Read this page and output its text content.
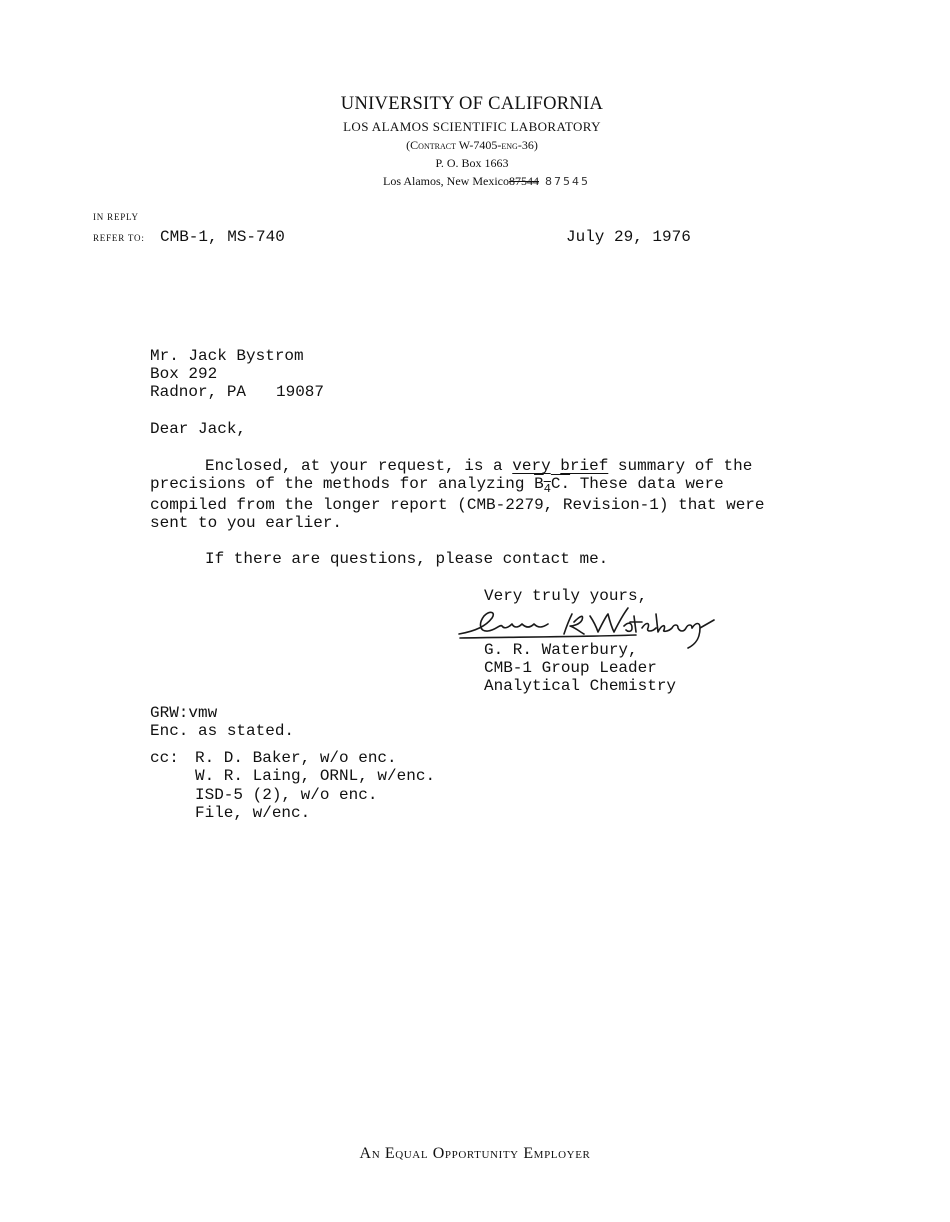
UNIVERSITY OF CALIFORNIA
LOS ALAMOS SCIENTIFIC LABORATORY
(Contract W-7405-eng-36)
P. O. Box 1663
Los Alamos, New Mexico87544 87545
IN REPLY
REFER TO: CMB-1, MS-740	July 29, 1976
Mr. Jack Bystrom
Box 292
Radnor, PA 19087
Dear Jack,
Enclosed, at your request, is a very brief summary of the
precisions of the methods for analyzing $B_4C$. These data were
compiled from the longer report (CMB-2279, Revision-1) that were
sent to you earlier.
If there are questions, please contact me.
Very truly yours,
G. R. Waterbury,
CMB-1 Group Leader
Analytical Chemistry
GRW:vmw
Enc. as stated.
cc: R. D. Baker, w/o enc.
W. R. Laing, ORNL, w/enc.
ISD-5 (2), w/o enc.
File, w/enc.
An Equal Opportunity Employer
